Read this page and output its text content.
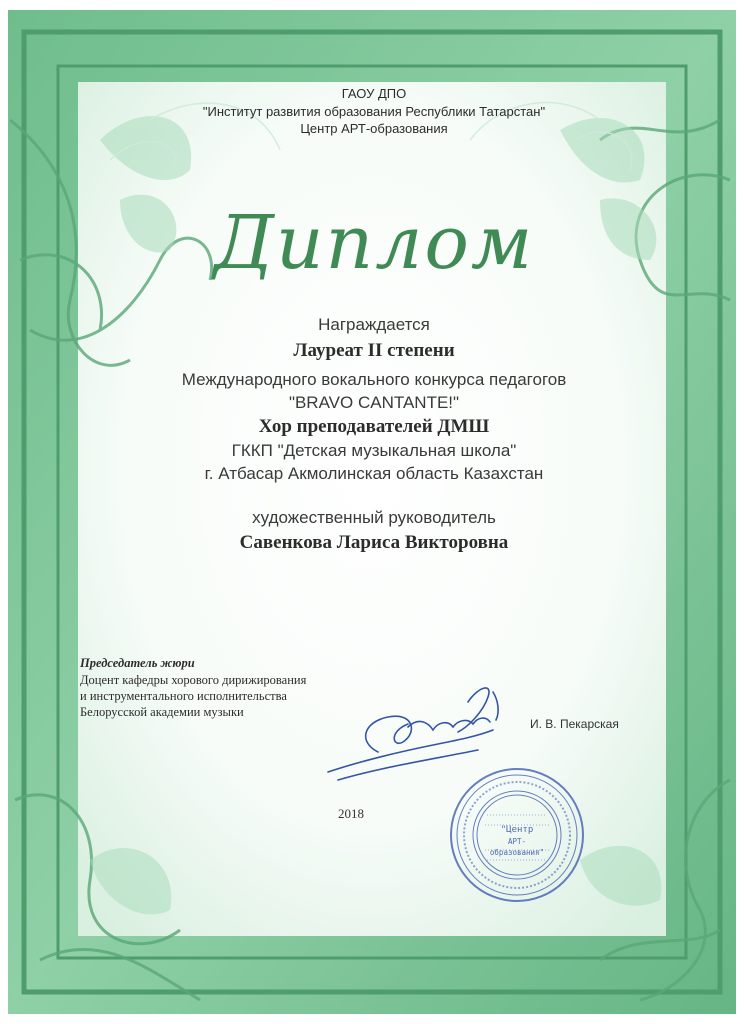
ГАОУ ДПО
"Институт развития образования Республики Татарстан"
Центр АРТ-образования
Диплом
Награждается
Лауреат II степени
Международного вокального конкурса педагогов
"BRAVO CANTANTE!"
Хор преподавателей ДМШ
ГККП "Детская музыкальная школа"
г. Атбасар Акмолинская область Казахстан
художественный руководитель
Савенкова Лариса Викторовна
Председатель жюри
Доцент кафедры хорового дирижирования
и инструментального исполнительства
Белорусской академии музыки
И. В. Пекарская
2018
"Центр
АРТ-образования"
